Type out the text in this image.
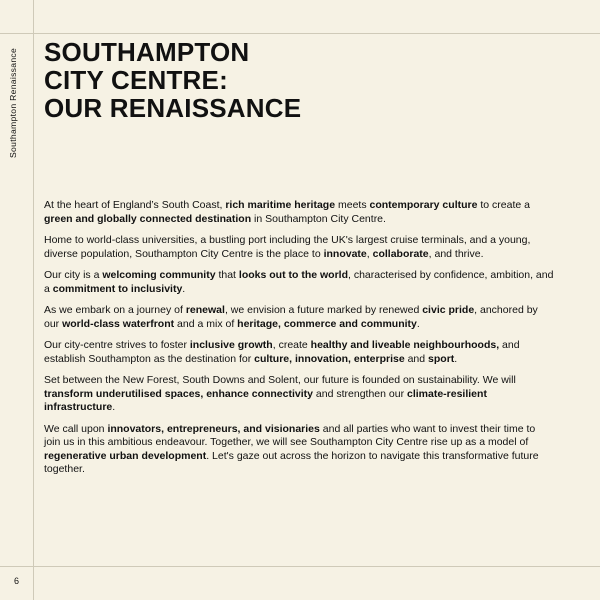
Southampton Renaissance
6
SOUTHAMPTON
CITY CENTRE:
OUR RENAISSANCE

At the heart of England’s South Coast, rich maritime heritage meets contemporary culture to create a green and globally connected destination in Southampton City Centre.

Home to world-class universities, a bustling port including the UK's largest cruise terminals, and a young, diverse population, Southampton City Centre is the place to innovate, collaborate, and thrive.

Our city is a welcoming community that looks out to the world, characterised by confidence, ambition, and a commitment to inclusivity.

As we embark on a journey of renewal, we envision a future marked by renewed civic pride, anchored by our world-class waterfront and a mix of heritage, commerce and community.

Our city-centre strives to foster inclusive growth, create healthy and liveable neighbourhoods, and establish Southampton as the destination for culture, innovation, enterprise and sport.

Set between the New Forest, South Downs and Solent, our future is founded on sustainability. We will transform underutilised spaces, enhance connectivity and strengthen our climate-resilient infrastructure.

We call upon innovators, entrepreneurs, and visionaries and all parties who want to invest their time to join us in this ambitious endeavour. Together, we will see Southampton City Centre rise up as a model of regenerative urban development. Let's gaze out across the horizon to navigate this transformative future together.
